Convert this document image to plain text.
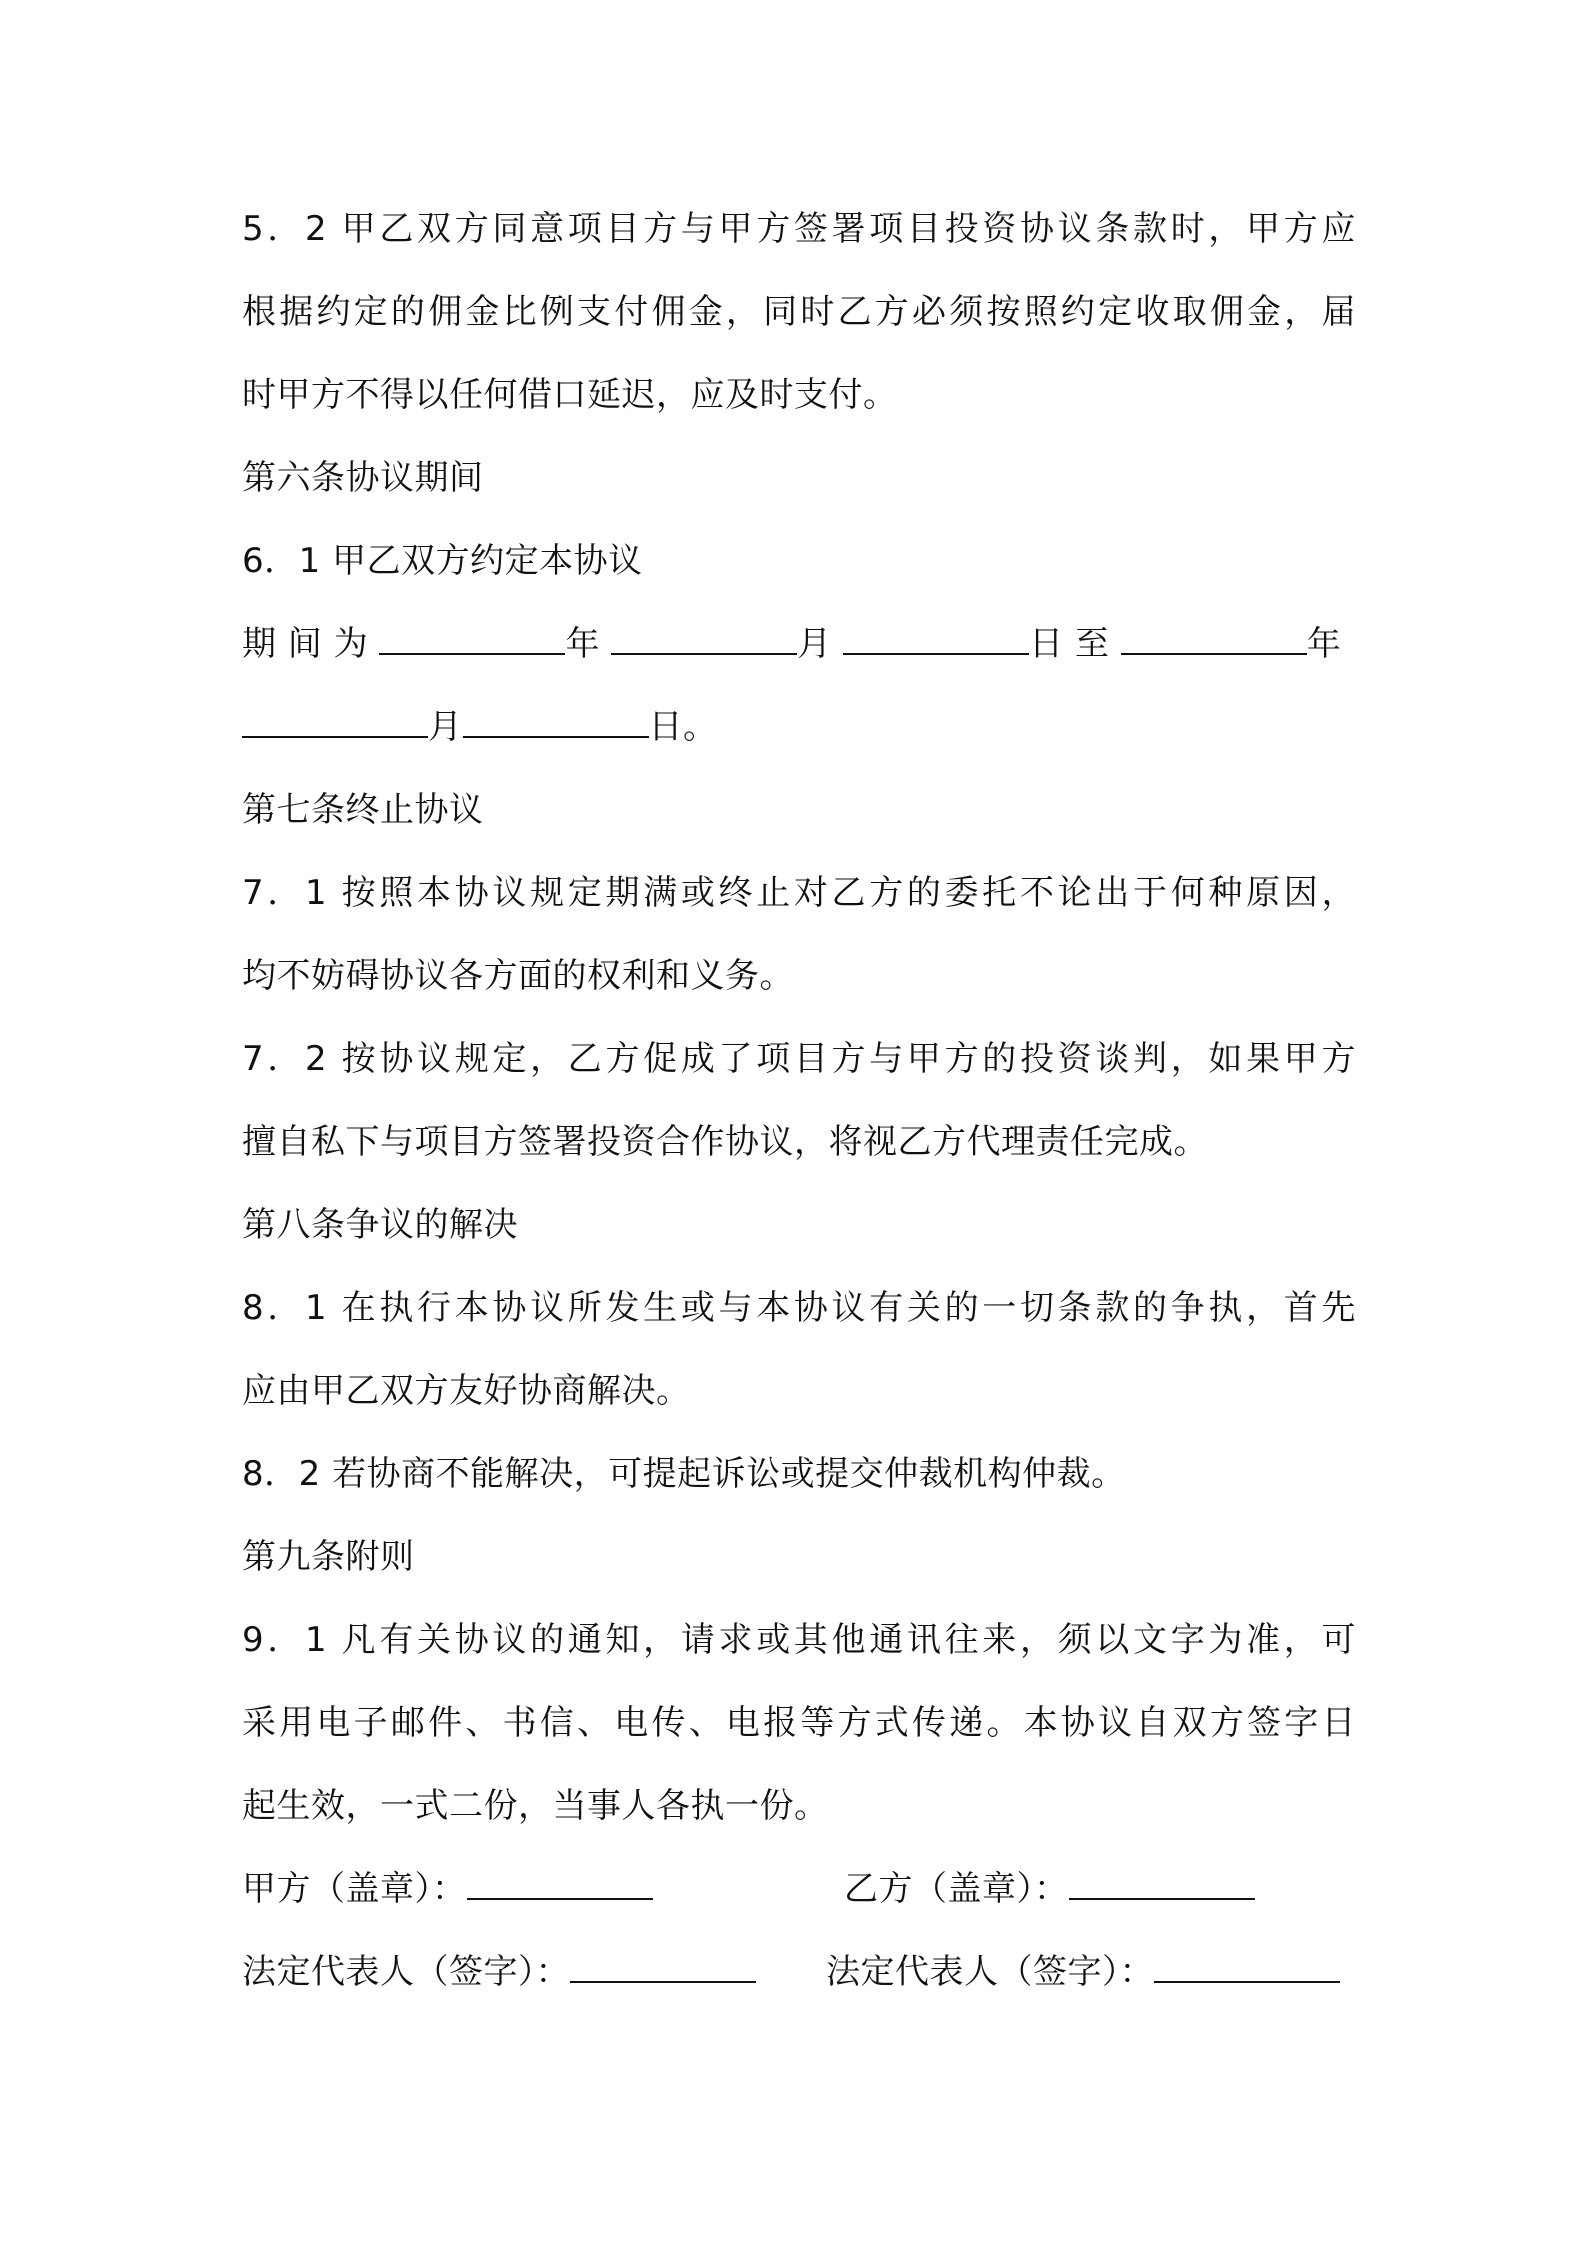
5．2 甲乙双方同意项目方与甲方签署项目投资协议条款时，甲方应
根据约定的佣金比例支付佣金，同时乙方必须按照约定收取佣金，届
时甲方不得以任何借口延迟，应及时支付。
第六条协议期间
6．1 甲乙双方约定本协议
期 间 为	年	月	日 至	年
月	日。
第七条终止协议
7．1 按照本协议规定期满或终止对乙方的委托不论出于何种原因，
均不妨碍协议各方面的权利和义务。
7．2 按协议规定，乙方促成了项目方与甲方的投资谈判，如果甲方
擅自私下与项目方签署投资合作协议，将视乙方代理责任完成。
第八条争议的解决
8．1 在执行本协议所发生或与本协议有关的一切条款的争执，首先
应由甲乙双方友好协商解决。
8．2 若协商不能解决，可提起诉讼或提交仲裁机构仲裁。
第九条附则
9．1 凡有关协议的通知，请求或其他通讯往来，须以文字为准，可
采用电子邮件、书信、电传、电报等方式传递。本协议自双方签字日
起生效，一式二份，当事人各执一份。
甲方（盖章）：	乙方（盖章）：
法定代表人（签字）：	法定代表人（签字）：
